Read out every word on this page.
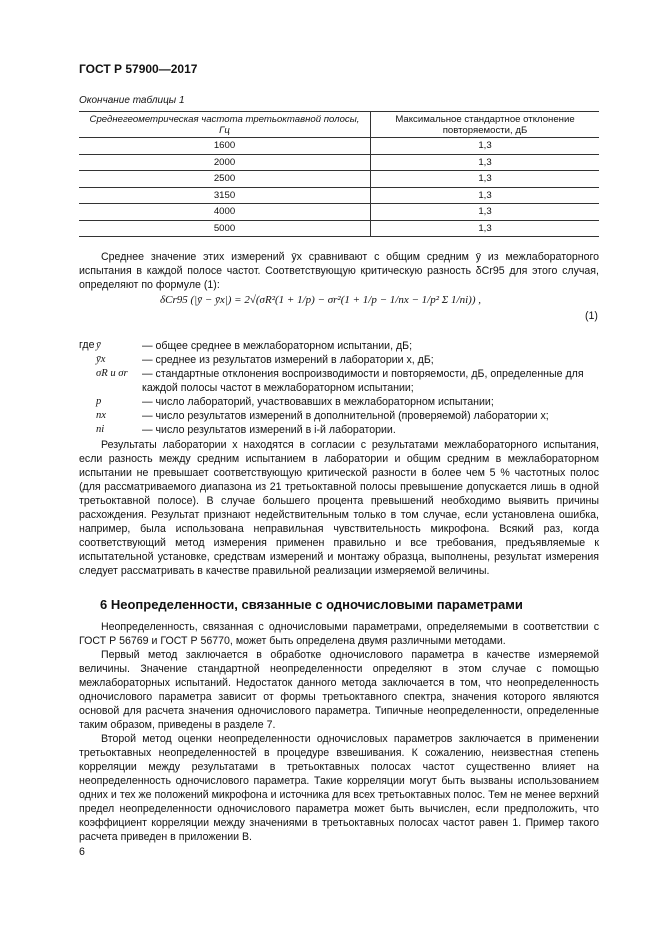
ГОСТ Р 57900—2017
Окончание таблицы 1
Среднегеометрическая частота третьоктавной полосы, Гц	Максимальное стандартное отклонение повторяемости, дБ
1600	1,3
2000	1,3
2500	1,3
3150	1,3
4000	1,3
5000	1,3
Среднее значение этих измерений ȳx сравнивают с общим средним ȳ из межлабораторного испытания в каждой полосе частот. Соответствующую критическую разность δCr95 для этого случая, определяют по формуле (1):
δCr95 (|ȳ − ȳx|) = 2√(σR²(1 + 1/p) − σr²(1 + 1/p − 1/nx − 1/p² Σ 1/ni)) ,
(1)
где ȳ	— общее среднее в межлабораторном испытании, дБ;
ȳx	— среднее из результатов измерений в лаборатории x, дБ;
σR и σr	— стандартные отклонения воспроизводимости и повторяемости, дБ, определенные для каждой полосы частот в межлабораторном испытании;
p	— число лабораторий, участвовавших в межлабораторном испытании;
nx	— число результатов измерений в дополнительной (проверяемой) лаборатории x;
ni	— число результатов измерений в i-й лаборатории.
Результаты лаборатории x находятся в согласии с результатами межлабораторного испытания, если разность между средним испытанием в лаборатории и общим средним в межлабораторном испытании не превышает соответствующую критической разности в более чем 5 % частотных полос (для рассматриваемого диапазона из 21 третьоктавной полосы превышение допускается лишь в одной третьоктавной полосе). В случае большего процента превышений необходимо выявить причины расхождения. Результат признают недействительным только в том случае, если установлена ошибка, например, была использована неправильная чувствительность микрофона. Всякий раз, когда соответствующий метод измерения применен правильно и все требования, предъявляемые к испытательной установке, средствам измерений и монтажу образца, выполнены, результат измерения следует рассматривать в качестве правильной реализации измеряемой величины.
6 Неопределенности, связанные с одночисловыми параметрами
Неопределенность, связанная с одночисловыми параметрами, определяемыми в соответствии с ГОСТ Р 56769 и ГОСТ Р 56770, может быть определена двумя различными методами.
Первый метод заключается в обработке одночислового параметра в качестве измеряемой величины. Значение стандартной неопределенности определяют в этом случае с помощью межлабораторных испытаний. Недостаток данного метода заключается в том, что неопределенность одночислового параметра зависит от формы третьоктавного спектра, значения которого являются основой для расчета значения одночислового параметра. Типичные неопределенности, определенные таким образом, приведены в разделе 7.
Второй метод оценки неопределенности одночисловых параметров заключается в применении третьоктавных неопределенностей в процедуре взвешивания. К сожалению, неизвестная степень корреляции между результатами в третьоктавных полосах частот существенно влияет на неопределенность одночислового параметра. Такие корреляции могут быть вызваны использованием одних и тех же положений микрофона и источника для всех третьоктавных полос. Тем не менее верхний предел неопределенности одночислового параметра может быть вычислен, если предположить, что коэффициент корреляции между значениями в третьоктавных полосах частот равен 1. Пример такого расчета приведен в приложении В.
6
